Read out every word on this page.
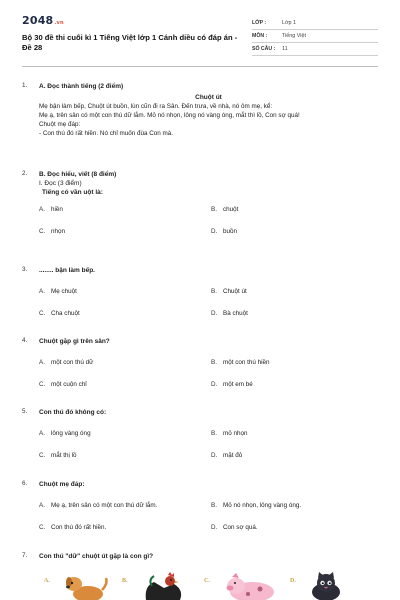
2048.vn
Bộ 30 đề thi cuối kì 1 Tiếng Việt lớp 1 Cánh diều có đáp án - Đề 28
LỚP :	Lớp 1
MÔN :	Tiếng Việt
SỐ CÂU :	11
1. A. Đọc thành tiếng (2 điểm)
Chuột út
Mẹ bận làm bếp, Chuột út buồn, lùn cũn đi ra Sân. Đến trưa, về nhà, nó ôm mẹ, kể:
Mẹ ạ, trên sân có một con thú dữ lắm. Mỏ nó nhọn, lông nó vàng óng, mắt thì lồ, Con sợ quá!
Chuột mẹ đáp:
- Con thú đó rất hiền. Nó chỉ muốn đùa Con mà.
2. B. Đọc hiểu, viết (8 điểm)
I. Đọc (3 điểm)
Tiếng có vần uột là:
A. hiền	B. chuột
C. nhọn	D. buồn
3. ........ bận làm bếp.
A. Mẹ chuột	B. Chuột út
C. Cha chuột	D. Bà chuột
4. Chuột gặp gì trên sân?
A. một con thú dữ	B. một con thú hiền
C. một cuộn chỉ	D. một em bé
5. Con thú đó không có:
A. lông vàng óng	B. mỏ nhọn
C. mắt thị lồ	D. mặt đỏ
6. Chuột mẹ đáp:
A. Mẹ ạ, trên sân có một con thú dữ lắm.	B. Mỏ nó nhọn, lông vàng óng.
C. Con thú đó rất hiền.	D. Con sợ quá.
7. Con thú "dữ" chuột út gặp là con gì?
A.	B.	C.	D.
